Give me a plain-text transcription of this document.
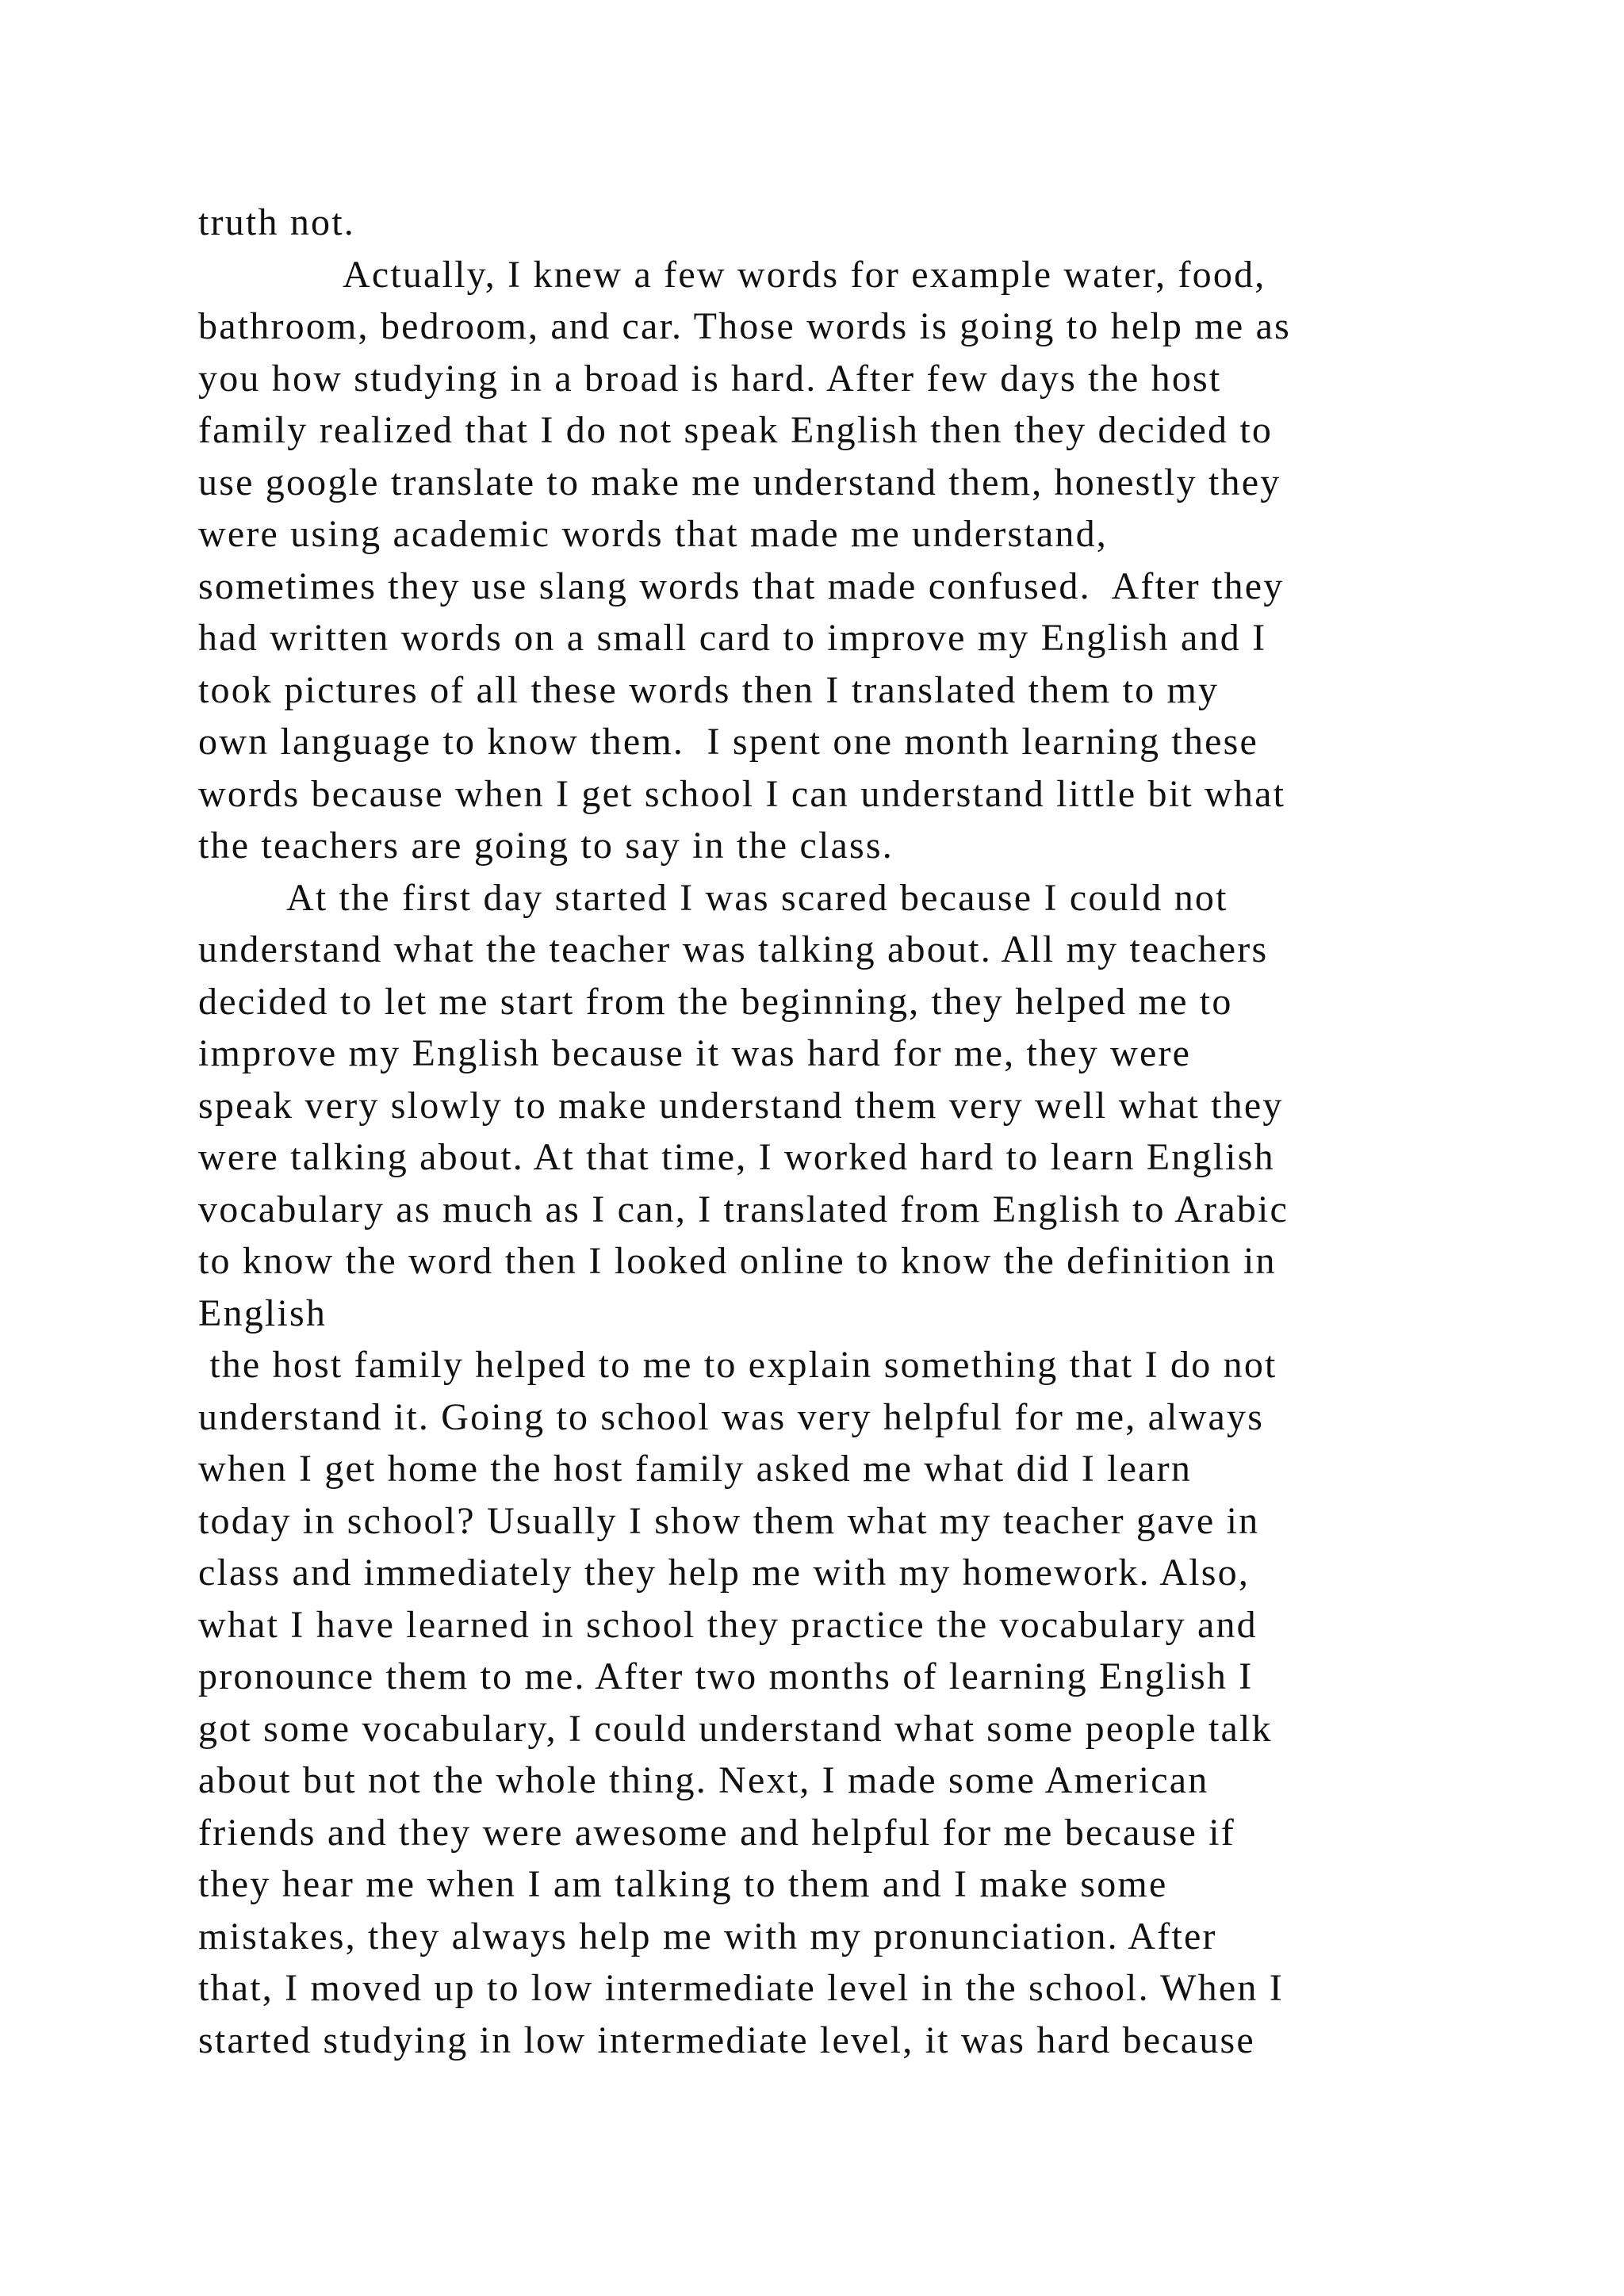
truth not.
Actually, I knew a few words for example water, food,
bathroom, bedroom, and car. Those words is going to help me as
you how studying in a broad is hard. After few days the host
family realized that I do not speak English then they decided to
use google translate to make me understand them, honestly they
were using academic words that made me understand,
sometimes they use slang words that made confused.  After they
had written words on a small card to improve my English and I
took pictures of all these words then I translated them to my
own language to know them.  I spent one month learning these
words because when I get school I can understand little bit what
the teachers are going to say in the class.
At the first day started I was scared because I could not
understand what the teacher was talking about. All my teachers
decided to let me start from the beginning, they helped me to
improve my English because it was hard for me, they were
speak very slowly to make understand them very well what they
were talking about. At that time, I worked hard to learn English
vocabulary as much as I can, I translated from English to Arabic
to know the word then I looked online to know the definition in
English
the host family helped to me to explain something that I do not
understand it. Going to school was very helpful for me, always
when I get home the host family asked me what did I learn
today in school? Usually I show them what my teacher gave in
class and immediately they help me with my homework. Also,
what I have learned in school they practice the vocabulary and
pronounce them to me. After two months of learning English I
got some vocabulary, I could understand what some people talk
about but not the whole thing. Next, I made some American
friends and they were awesome and helpful for me because if
they hear me when I am talking to them and I make some
mistakes, they always help me with my pronunciation. After
that, I moved up to low intermediate level in the school. When I
started studying in low intermediate level, it was hard because
